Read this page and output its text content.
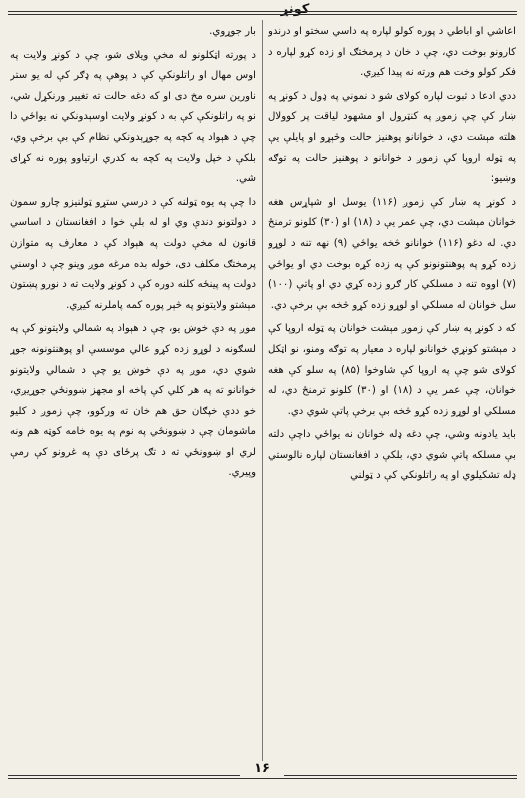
کونړ

اعاشي او اباطي د پوره کولو لپاره په داسي سختو او درندو کارونو بوخت دي، چې د خان د پرمختګ او زده کړو لپاره د فکر کولو وخت هم ورته نه پیدا کیږي.

ددي ادعا د ثبوت لپاره کولای شو د نموني په ډول د کونړ په ښار کې چې زموږ په کنټرول او مشهود لیاقت پر کوولال هلته مېشت دي، د خوانانو پوهنیز حالت وڅېړو او پایلې یې په ټوله اروپا کې زموږ د خوانانو د پوهنیز حالت په توګه وښیو:

د کونړ په ښار کې زموږ (۱۱۶) یوسل او شپاړس هغه خوانان مېشت دي، چې عمر یې د (۱۸) او (۳۰) کلونو ترمنځ دي. له دغو (۱۱۶) خوانانو څخه یواځي (۹) نهه تنه د لوړو زده کړو په پوهنتونونو کې په زده کړه بوخت دي او یواځي (۷) اووه تنه د مسلکي کار ګرو زده کړي دي او پاتې (۱۰۰) سل خوانان له مسلکي او لوړو زده کړو څخه بې برخې دي.

که د کونړ په ښار کې زموږ مېشت خوانان په ټوله اروپا کې د مېشتو کونړي خوانانو لپاره د معیار په توګه ومنو، نو اټکل کولای شو چې په اروپا کې شاوخوا (۸۵) په سلو کې هغه خوانان، چې عمر یې د (۱۸) او (۳۰) کلونو ترمنځ دي، له مسلکي او لوړو زده کړو څخه بې برخې پاتې شوي دي.

باید یادونه وشي، چې دغه ډله خوانان نه یواځي داچې دلته بې مسلکه پاتې شوي دي، بلکې د افغانستان لپاره نالوستي ډله تشکیلوي او په راتلونکي کې د ټولني

بار جوړوي.

د پورته اټکلونو له مخې ویلای شو، چې د کونړ ولایت په اوس مهال او راتلونکې کې د پوهې په ډګر کې له یو ستر ناورین سره مخ دی او که دغه حالت ته تغییر ورنکړل شي، نو په راتلونکې کې به د کونړ ولایت اوسېدونکي نه یواځي دا چې د هېواد په کچه په جوړېدونکي نظام کې بې برخې وي، بلکې د خپل ولایت په کچه به کدري ارتیاوو پوره نه کړای شي.

دا چې په یوه ټولنه کې د درسي ستړو ټولنیزو چارو سمون د دولتونو دندې وي او له بلې خوا د افغانستان د اساسي قانون له مخې دولت په هېواد کې د معارف په متوازن پرمختګ مکلف دی، خوله بده مرغه موږ وینو چې د اوسني دولت په پینځه کلنه دوره کې د کونړ ولایت ته د نورو پښتون مېشتو ولایتونو په څېر پوره کمه پاملرنه کیږي.

موږ په دې خوښ یو، چې د هېواد په شمالي ولایتونو کې په لسګونه د لوړو زده کړو عالي موسسې او پوهنتونونه جوړ شوي دي، موږ په دې خوښ یو چې د شمالي ولایتونو خوانانو ته په هر کلي کې پاخه او مجهز ښوونځي جوړیږي، خو ددې خپګان حق هم خان ته ورکوو، چې زموږ د کلیو ماشومان چې د ښوونځي په نوم په یوه خامه کوټه هم ونه لري او ښوونځي ته د تګ پرځای دې په غرونو کې رمې وپیري.

۱۶
